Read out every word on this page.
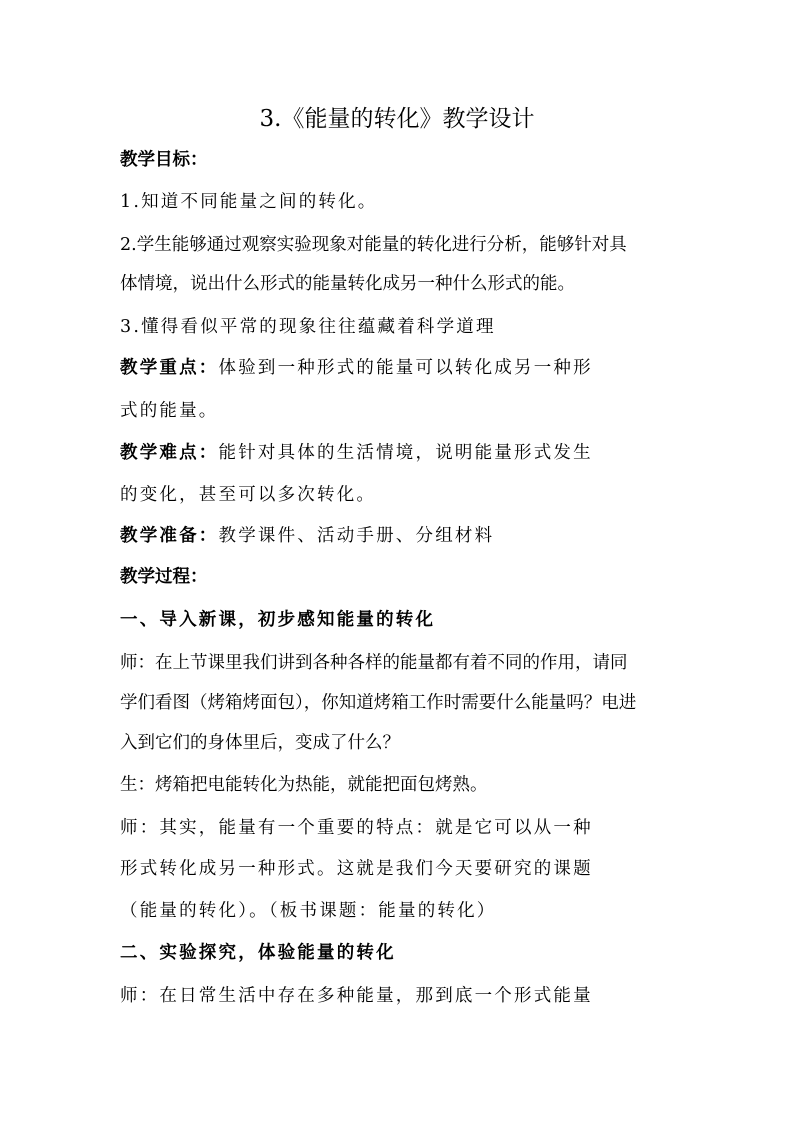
3.《能量的转化》教学设计
教学目标：
1.知道不同能量之间的转化。
2.学生能够通过观察实验现象对能量的转化进行分析，能够针对具
体情境，说出什么形式的能量转化成另一种什么形式的能。
3.懂得看似平常的现象往往蕴藏着科学道理
教学重点：体验到一种形式的能量可以转化成另一种形
式的能量。
教学难点：能针对具体的生活情境，说明能量形式发生
的变化，甚至可以多次转化。
教学准备：教学课件、活动手册、分组材料
教学过程：
一、导入新课，初步感知能量的转化
师：在上节课里我们讲到各种各样的能量都有着不同的作用，请同
学们看图（烤箱烤面包），你知道烤箱工作时需要什么能量吗？电进
入到它们的身体里后，变成了什么？
生：烤箱把电能转化为热能，就能把面包烤熟。
师：其实，能量有一个重要的特点：就是它可以从一种
形式转化成另一种形式。这就是我们今天要研究的课题
（能量的转化）。（板书课题：能量的转化）
二、实验探究，体验能量的转化
师：在日常生活中存在多种能量，那到底一个形式能量
